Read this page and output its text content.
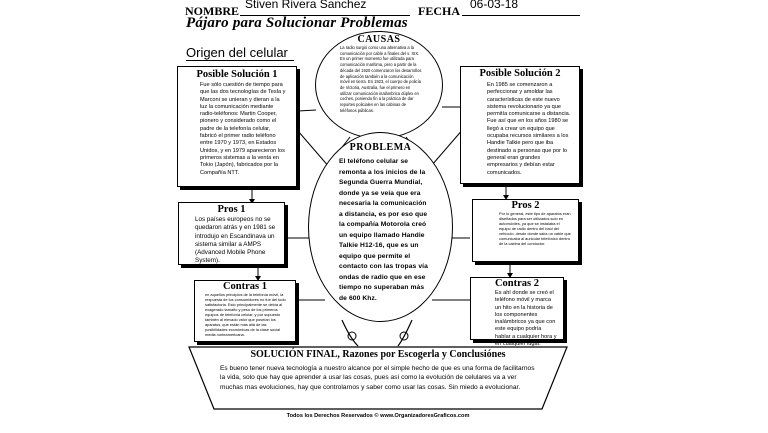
NOMBRE Stiven Rivera Sanchez	FECHA 06-03-18
Pájaro para Solucionar Problemas
Origen del celular
CAUSAS
La radio surgió como una alternativa a la comunicación por cable a finales del s. XIX. En un primer momento fue utilizada para comunicación marítima, pero a partir de la década del 1920 comenzaron los desarrollos de aplicación también a la comunicación móvil en tierra. En 1923, el cuerpo de policía de Victoria, Australia, fue el primero en utilizar comunicación inalámbrica dúplex en coches, poniendo fin a la práctica de dar reportes policiales en las cabinas de teléfonos públicas.
PROBLEMA
El teléfono celular se remonta a los inicios de la Segunda Guerra Mundial, donde ya se veía que era necesaria la comunicación a distancia, es por eso que la compañía Motorola creó un equipo llamado Handie Talkie H12-16, que es un equipo que permite el contacto con las tropas vía ondas de radio que en ese tiempo no superaban más de 600 Khz.
Posible Solución 1
Fue sólo cuestión de tiempo para que las dos tecnologías de Tesla y Marconi se unieran y dieran a la luz la comunicación mediante radio-teléfonos: Martin Cooper, pionero y considerado como el padre de la telefonía celular, fabricó el primer radio teléfono entre 1970 y 1973, en Estados Unidos, y en 1979 aparecieron los primeros sistemas a la venta en Tokio (Japón), fabricados por la Compañía NTT.
Pros 1
Los países europeos no se quedaron atrás y en 1981 se introdujo en Escandinava un sistema similar a AMPS (Advanced Mobile Phone System).
Contras 1
en aquellos principios de la telefonía móvil, la respuesta de los consumidores no fue del todo satisfactoria. Esto principalmente se debía al exagerado tamaño y peso de los primeros equipos de telefonía celular, y por supuesto también al elevado valor que poseían los aparatos, que están más allá de las posibilidades económicas de la clase social media norteamericana.
Posible Solución 2
En 1985 se comenzaron a perfeccionar y amoldar las características de este nuevo sistema revolucionario ya que permitía comunicarse a distancia. Fue así que en los años 1980 se llegó a crear un equipo que ocupaba recursos similares a los Handie Talkie pero que iba destinado a personas que por lo general eran grandes empresarios y debían estar comunicados.
Pros 2
Por lo general, este tipo de aparatos eran diseñados para ser utilizados solo en automóviles, ya que se instalaba el equipo de radio dentro del baúl del vehículo, desde donde salía un cable que comunicaba al auricular telefónico dentro de la cabina del conductor.
Contras 2
Es ahí donde se creó el teléfono móvil y marca un hito en la historia de los componentes inalámbricos ya que con este equipo podría hablar a cualquier hora y en cualquier lugar.
SOLUCIÓN FINAL, Razones por Escogerla y Conclusiónes
Es bueno tener nueva tecnología a nuestro alcance por el simple hecho de que es una forma de facilitarnos la vida, solo que hay que aprender a usar las cosas, pues así como la evolución de celulares va a ver muchas mas evoluciones, hay que controlarnos y saber como usar las cosas. Sin miedo a evolucionar.
Todos los Derechos Reservados © www.OrganizadoresGraficos.com
